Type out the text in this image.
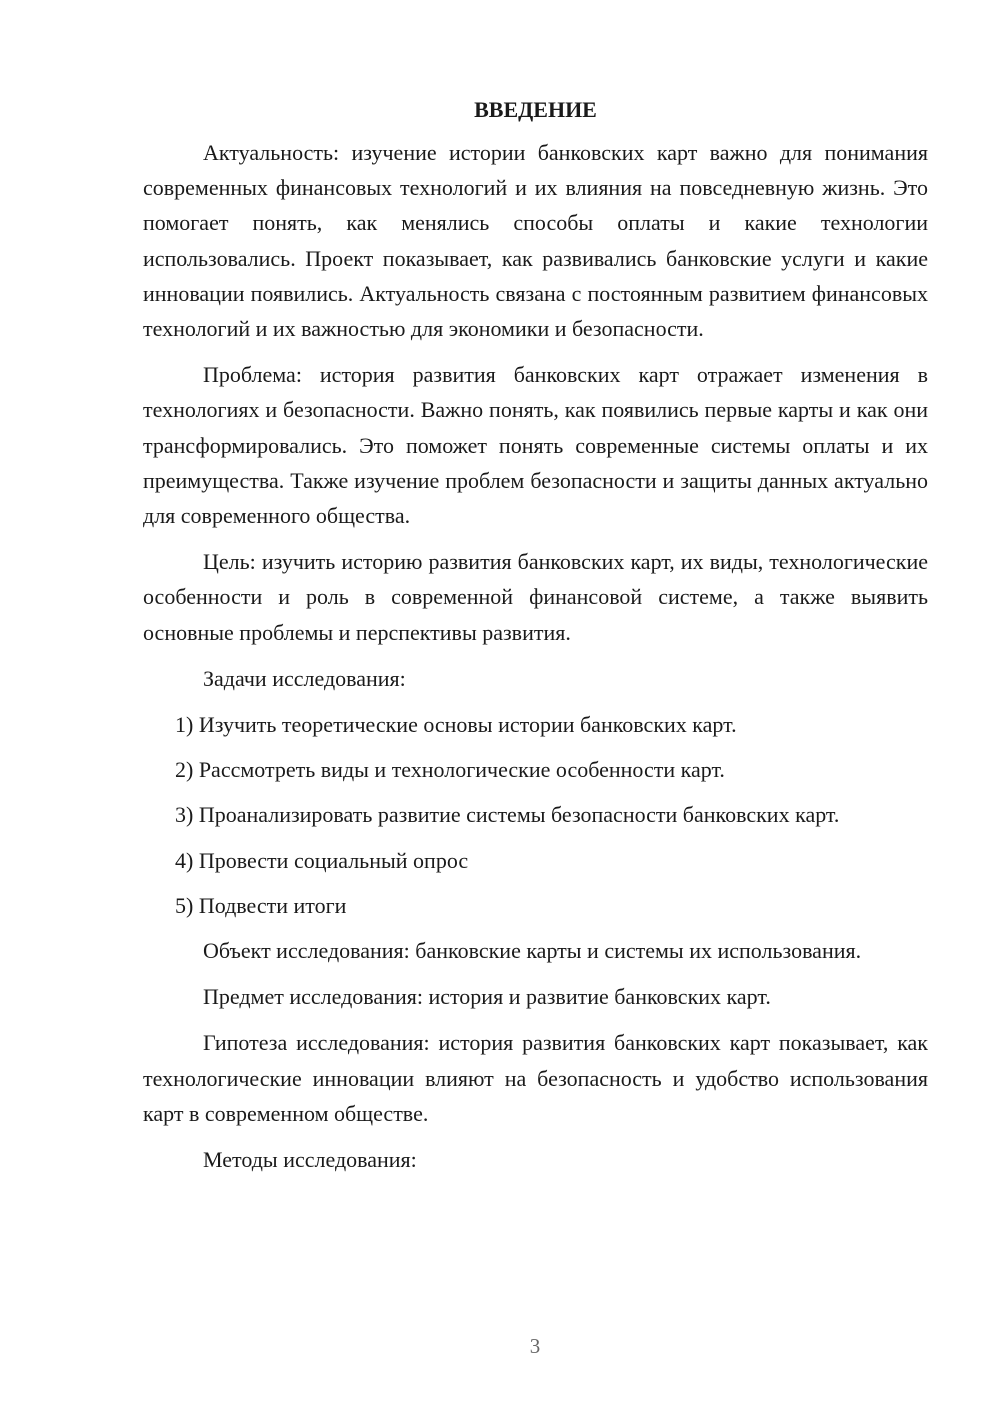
ВВЕДЕНИЕ

Актуальность: изучение истории банковских карт важно для понимания современных финансовых технологий и их влияния на повседневную жизнь. Это помогает понять, как менялись способы оплаты и какие технологии использовались. Проект показывает, как развивались банковские услуги и какие инновации появились. Актуальность связана с постоянным развитием финансовых технологий и их важностью для экономики и безопасности.

Проблема: история развития банковских карт отражает изменения в технологиях и безопасности. Важно понять, как появились первые карты и как они трансформировались. Это поможет понять современные системы оплаты и их преимущества. Также изучение проблем безопасности и защиты данных актуально для современного общества.

Цель: изучить историю развития банковских карт, их виды, технологические особенности и роль в современной финансовой системе, а также выявить основные проблемы и перспективы развития.

Задачи исследования:

1) Изучить теоретические основы истории банковских карт.

2) Рассмотреть виды и технологические особенности карт.

3) Проанализировать развитие системы безопасности банковских карт.

4) Провести социальный опрос

5) Подвести итоги

Объект исследования: банковские карты и системы их использования.

Предмет исследования: история и развитие банковских карт.

Гипотеза исследования: история развития банковских карт показывает, как технологические инновации влияют на безопасность и удобство использования карт в современном обществе.

Методы исследования:

3
